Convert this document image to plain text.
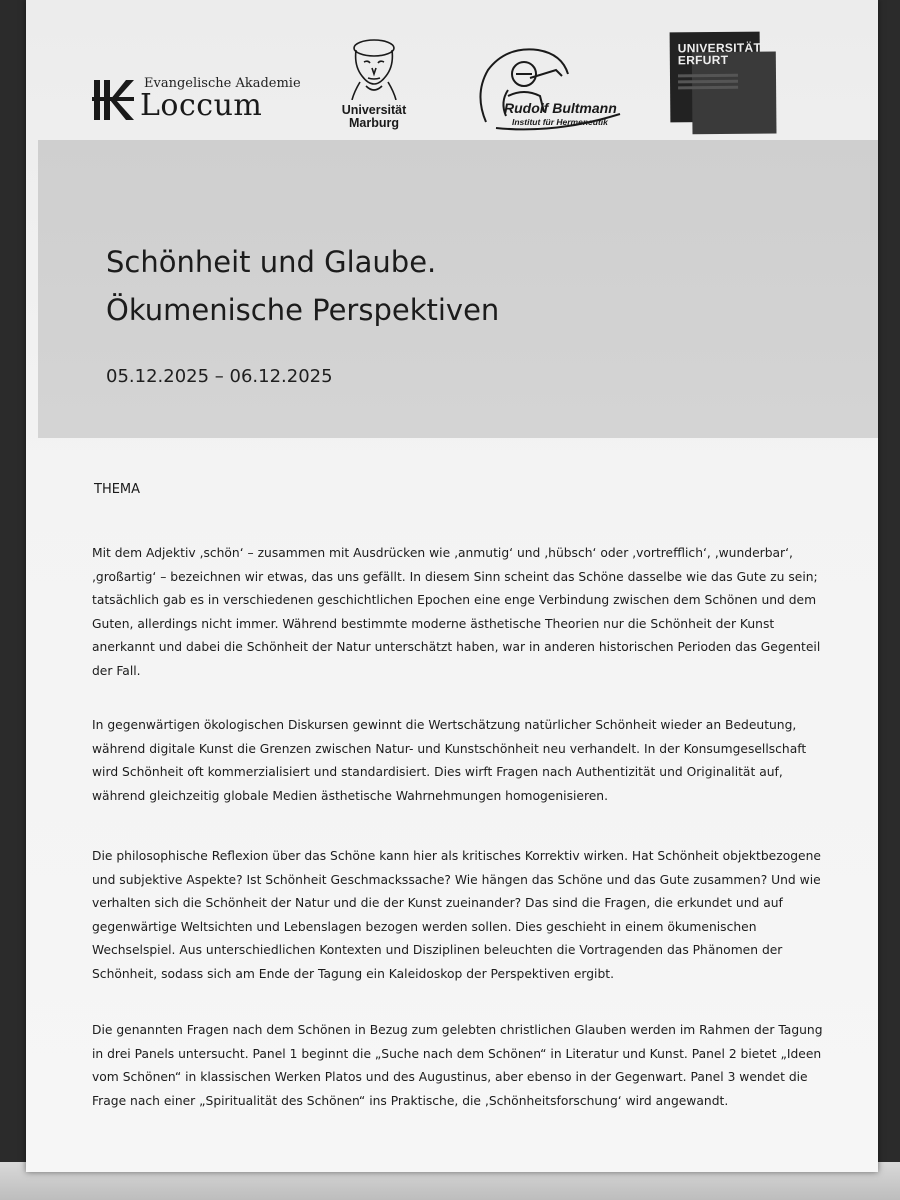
Evangelische Akademie
Loccum	Universität
Marburg
Rudolf Bultmann
Institut für Hermeneutik
UNIVERSITÄT
ERFURT
Schönheit und Glaube.
Ökumenische Perspektiven
05.12.2025 – 06.12.2025
THEMA

Mit dem Adjektiv ‚schön‘ – zusammen mit Ausdrücken wie ‚anmutig‘ und ‚hübsch‘ oder ‚vortrefflich‘, ‚wunderbar‘,
‚großartig‘ – bezeichnen wir etwas, das uns gefällt. In diesem Sinn scheint das Schöne dasselbe wie das Gute zu sein;
tatsächlich gab es in verschiedenen geschichtlichen Epochen eine enge Verbindung zwischen dem Schönen und dem
Guten, allerdings nicht immer. Während bestimmte moderne ästhetische Theorien nur die Schönheit der Kunst
anerkannt und dabei die Schönheit der Natur unterschätzt haben, war in anderen historischen Perioden das Gegenteil
der Fall.

In gegenwärtigen ökologischen Diskursen gewinnt die Wertschätzung natürlicher Schönheit wieder an Bedeutung,
während digitale Kunst die Grenzen zwischen Natur- und Kunstschönheit neu verhandelt. In der Konsumgesellschaft
wird Schönheit oft kommerzialisiert und standardisiert. Dies wirft Fragen nach Authentizität und Originalität auf,
während gleichzeitig globale Medien ästhetische Wahrnehmungen homogenisieren.

Die philosophische Reflexion über das Schöne kann hier als kritisches Korrektiv wirken. Hat Schönheit objektbezogene
und subjektive Aspekte? Ist Schönheit Geschmackssache? Wie hängen das Schöne und das Gute zusammen? Und wie
verhalten sich die Schönheit der Natur und die der Kunst zueinander? Das sind die Fragen, die erkundet und auf
gegenwärtige Weltsichten und Lebenslagen bezogen werden sollen. Dies geschieht in einem ökumenischen
Wechselspiel. Aus unterschiedlichen Kontexten und Disziplinen beleuchten die Vortragenden das Phänomen der
Schönheit, sodass sich am Ende der Tagung ein Kaleidoskop der Perspektiven ergibt.

Die genannten Fragen nach dem Schönen in Bezug zum gelebten christlichen Glauben werden im Rahmen der Tagung
in drei Panels untersucht. Panel 1 beginnt die „Suche nach dem Schönen“ in Literatur und Kunst. Panel 2 bietet „Ideen
vom Schönen“ in klassischen Werken Platos und des Augustinus, aber ebenso in der Gegenwart. Panel 3 wendet die
Frage nach einer „Spiritualität des Schönen“ ins Praktische, die ‚Schönheitsforschung‘ wird angewandt.
